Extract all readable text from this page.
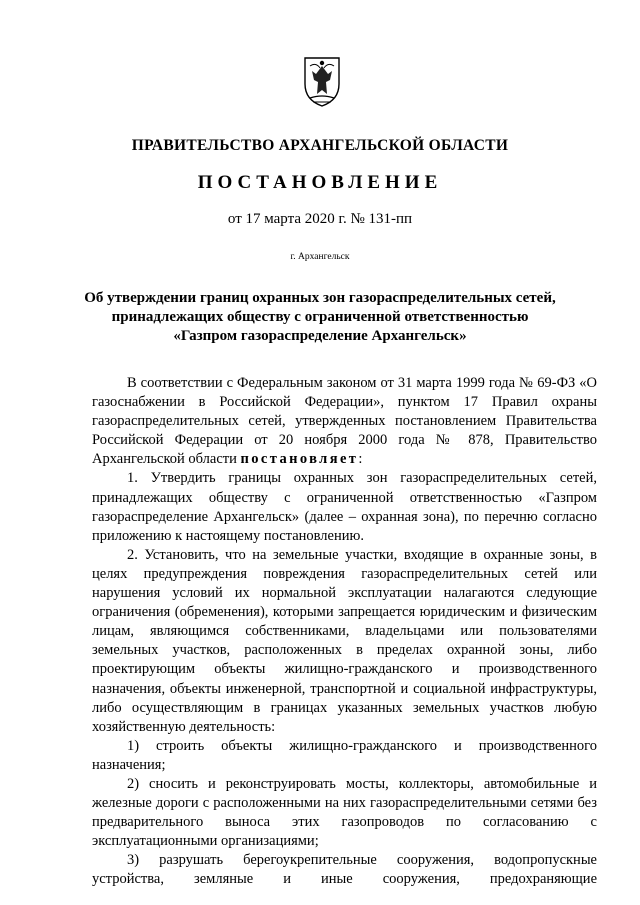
ПРАВИТЕЛЬСТВО АРХАНГЕЛЬСКОЙ ОБЛАСТИ
ПОСТАНОВЛЕНИЕ
от 17 марта 2020 г. № 131-пп
г. Архангельск
Об утверждении границ охранных зон газораспределительных сетей,
принадлежащих обществу с ограниченной ответственностью
«Газпром газораспределение Архангельск»

В соответствии с Федеральным законом от 31 марта 1999 года № 69-ФЗ «О газоснабжении в Российской Федерации», пунктом 17 Правил охраны газораспределительных сетей, утвержденных постановлением Правительства Российской Федерации от 20 ноября 2000 года № 878, Правительство Архангельской области постановляет:

1. Утвердить границы охранных зон газораспределительных сетей, принадлежащих обществу с ограниченной ответственностью «Газпром газораспределение Архангельск» (далее – охранная зона), по перечню согласно приложению к настоящему постановлению.

2. Установить, что на земельные участки, входящие в охранные зоны, в целях предупреждения повреждения газораспределительных сетей или нарушения условий их нормальной эксплуатации налагаются следующие ограничения (обременения), которыми запрещается юридическим и физическим лицам, являющимся собственниками, владельцами или пользователями земельных участков, расположенных в пределах охранной зоны, либо проектирующим объекты жилищно-гражданского и производственного назначения, объекты инженерной, транспортной и социальной инфраструктуры, либо осуществляющим в границах указанных земельных участков любую хозяйственную деятельность:

1) строить объекты жилищно-гражданского и производственного назначения;

2) сносить и реконструировать мосты, коллекторы, автомобильные и железные дороги с расположенными на них газораспределительными сетями без предварительного выноса этих газопроводов по согласованию с эксплуатационными организациями;

3) разрушать берегоукрепительные сооружения, водопропускные устройства, земляные и иные сооружения, предохраняющие
